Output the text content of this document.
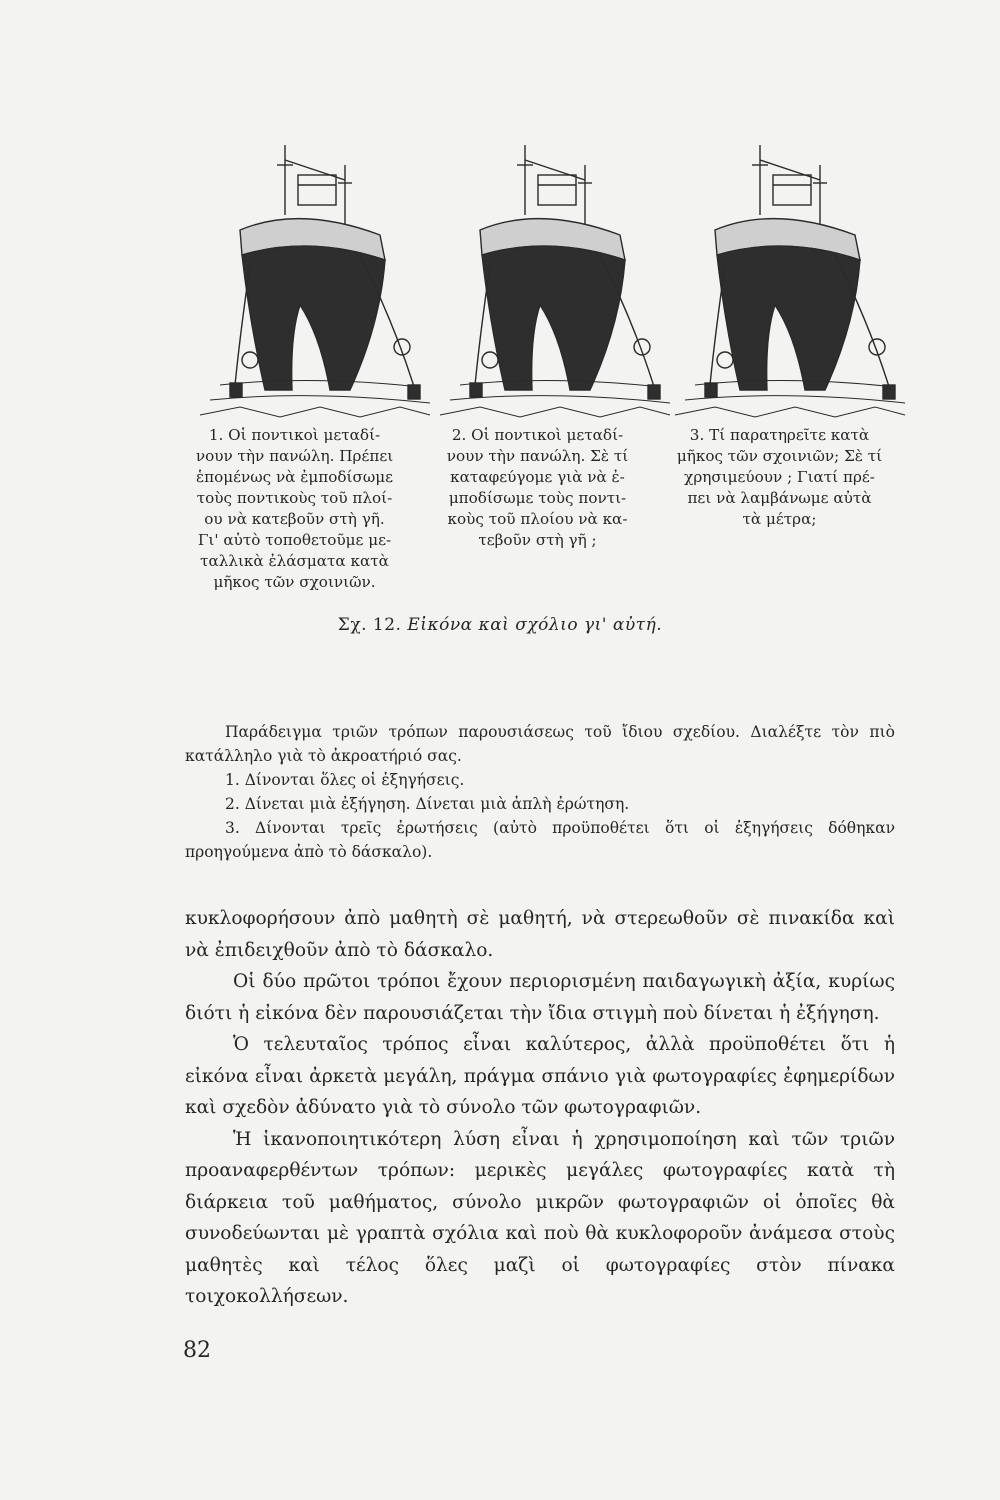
1. Οἱ ποντικοὶ μεταδί-
νουν τὴν πανώλη. Πρέπει
ἑπομένως νὰ ἐμποδίσωμε
τοὺς ποντικοὺς τοῦ πλοί-
ου νὰ κατεβοῦν στὴ γῆ.
Γι' αὐτὸ τοποθετοῦμε με-
ταλλικὰ ἐλάσματα κατὰ
μῆκος τῶν σχοινιῶν.
2. Οἱ ποντικοὶ μεταδί-
νουν τὴν πανώλη. Σὲ τί
καταφεύγομε γιὰ νὰ ἐ-
μποδίσωμε τοὺς ποντι-
κοὺς τοῦ πλοίου νὰ κα-
τεβοῦν στὴ γῆ ;
3. Τί παρατηρεῖτε κατὰ
μῆκος τῶν σχοινιῶν; Σὲ τί
χρησιμεύουν ; Γιατί πρέ-
πει νὰ λαμβάνωμε αὐτὰ
τὰ μέτρα;
Σχ. 12. Εἰκόνα καὶ σχόλιο γι' αὐτή.

Παράδειγμα τριῶν τρόπων παρουσιάσεως τοῦ ἴδιου σχεδίου. Διαλέξτε τὸν πιὸ κατάλληλο γιὰ τὸ ἀκροατήριό σας.

1. Δίνονται ὅλες οἱ ἐξηγήσεις.

2. Δίνεται μιὰ ἐξήγηση. Δίνεται μιὰ ἁπλὴ ἐρώτηση.

3. Δίνονται τρεῖς ἐρωτήσεις (αὐτὸ προϋποθέτει ὅτι οἱ ἐξηγήσεις δόθηκαν προηγούμενα ἀπὸ τὸ δάσκαλο).

κυκλοφορήσουν ἀπὸ μαθητὴ σὲ μαθητή, νὰ στερεωθοῦν σὲ πινακίδα καὶ νὰ ἐπιδειχθοῦν ἀπὸ τὸ δάσκαλο.

Οἱ δύο πρῶτοι τρόποι ἔχουν περιορισμένη παιδαγωγικὴ ἀξία, κυρίως διότι ἡ εἰκόνα δὲν παρουσιάζεται τὴν ἴδια στιγμὴ ποὺ δίνεται ἡ ἐξήγηση.

Ὁ τελευταῖος τρόπος εἶναι καλύτερος, ἀλλὰ προϋποθέτει ὅτι ἡ εἰκόνα εἶναι ἀρκετὰ μεγάλη, πράγμα σπάνιο γιὰ φωτογραφίες ἐφημερίδων καὶ σχεδὸν ἀδύνατο γιὰ τὸ σύνολο τῶν φωτογραφιῶν.

Ἡ ἱκανοποιητικότερη λύση εἶναι ἡ χρησιμοποίηση καὶ τῶν τριῶν προαναφερθέντων τρόπων: μερικὲς μεγάλες φωτογραφίες κατὰ τὴ διάρκεια τοῦ μαθήματος, σύνολο μικρῶν φωτογραφιῶν οἱ ὁποῖες θὰ συνοδεύωνται μὲ γραπτὰ σχόλια καὶ ποὺ θὰ κυκλοφοροῦν ἀνάμεσα στοὺς μαθητὲς καὶ τέλος ὅλες μαζὶ οἱ φωτογραφίες στὸν πίνακα τοιχοκολλήσεων.

82
